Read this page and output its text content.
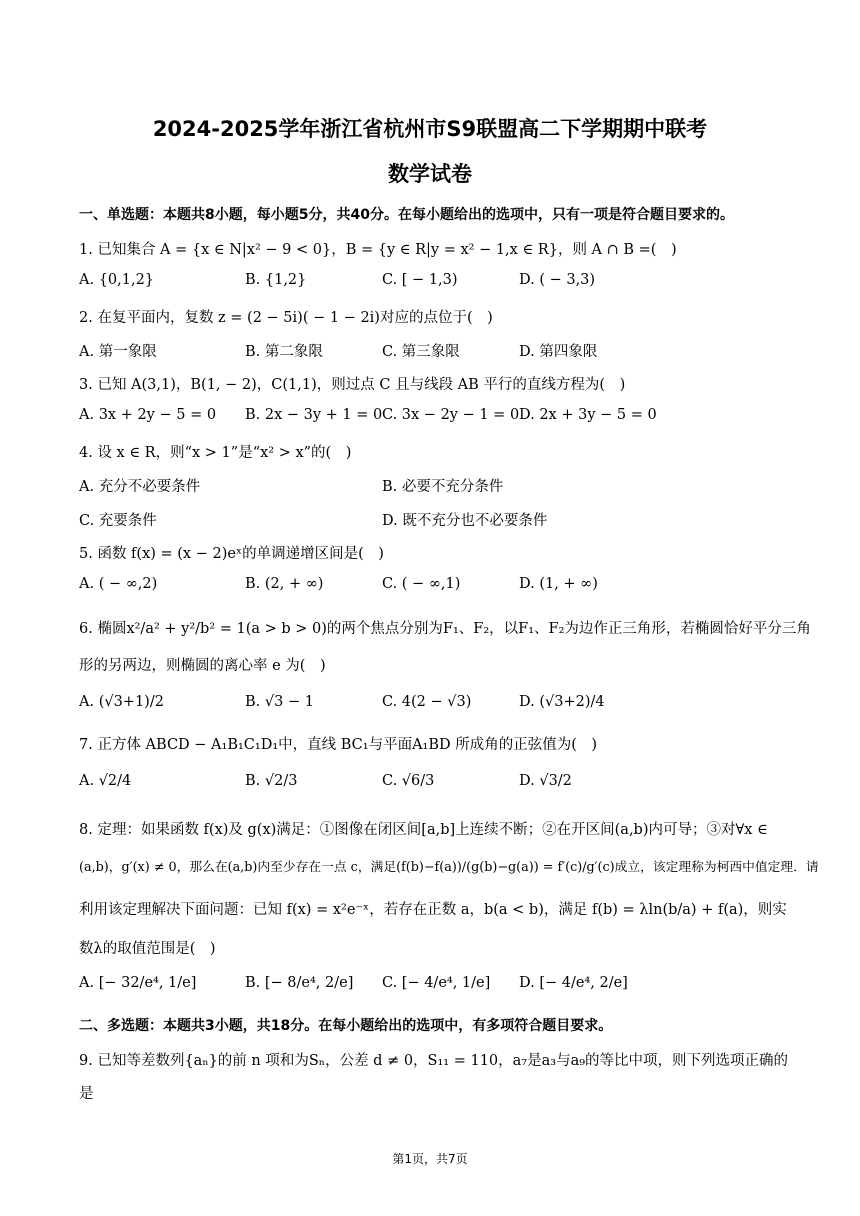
2024-2025学年浙江省杭州市S9联盟高二下学期期中联考
数学试卷
一、单选题：本题共8小题，每小题5分，共40分。在每小题给出的选项中，只有一项是符合题目要求的。
1. 已知集合 A = {x ∈ N|x² − 9 < 0}，B = {y ∈ R|y = x² − 1,x ∈ R}，则 A ∩ B =(　)
A. {0,1,2}	B. {1,2}	C. [ − 1,3)	D. ( − 3,3)
2. 在复平面内，复数 z = (2 − 5i)( − 1 − 2i)对应的点位于(　)
A. 第一象限	B. 第二象限	C. 第三象限	D. 第四象限
3. 已知 A(3,1)，B(1, − 2)，C(1,1)，则过点 C 且与线段 AB 平行的直线方程为(　)
A. 3x + 2y − 5 = 0 B. 2x − 3y + 1 = 0 C. 3x − 2y − 1 = 0 D. 2x + 3y − 5 = 0
4. 设 x ∈ R，则“x > 1”是“x² > x”的(　)
A. 充分不必要条件	B. 必要不充分条件
C. 充要条件	D. 既不充分也不必要条件
5. 函数 f(x) = (x − 2)eˣ的单调递增区间是(　)
A. ( − ∞,2)	B. (2, + ∞)	C. ( − ∞,1)	D. (1, + ∞)
6. 椭圆x²/a² + y²/b² = 1(a > b > 0)的两个焦点分别为F₁、F₂，以F₁、F₂为边作正三角形，若椭圆恰好平分三角
形的另两边，则椭圆的离心率 e 为(　)
A. (√3+1)/2	B. √3 − 1	C. 4(2 − √3)	D. (√3+2)/4
7. 正方体 ABCD − A₁B₁C₁D₁中，直线 BC₁与平面A₁BD 所成角的正弦值为(　)
A. √2/4	B. √2/3	C. √6/3	D. √3/2
8. 定理：如果函数 f(x)及 g(x)满足：①图像在闭区间[a,b]上连续不断；②在开区间(a,b)内可导；③对∀x ∈
(a,b)，g′(x) ≠ 0，那么在(a,b)内至少存在一点 c，满足(f(b)−f(a))/(g(b)−g(a)) = f′(c)/g′(c)成立，该定理称为柯西中值定理．请
利用该定理解决下面问题：已知 f(x) = x²e⁻ˣ，若存在正数 a，b(a < b)，满足 f(b) = λln(b/a) + f(a)，则实
数λ的取值范围是(　)
A. [− 32/e⁴, 1/e]	B. [− 8/e⁴, 2/e] C. [− 4/e⁴, 1/e] D. [− 4/e⁴, 2/e]
二、多选题：本题共3小题，共18分。在每小题给出的选项中，有多项符合题目要求。
9. 已知等差数列{aₙ}的前 n 项和为Sₙ，公差 d ≠ 0，S₁₁ = 110，a₇是a₃与a₉的等比中项，则下列选项正确的
是
第1页，共7页
